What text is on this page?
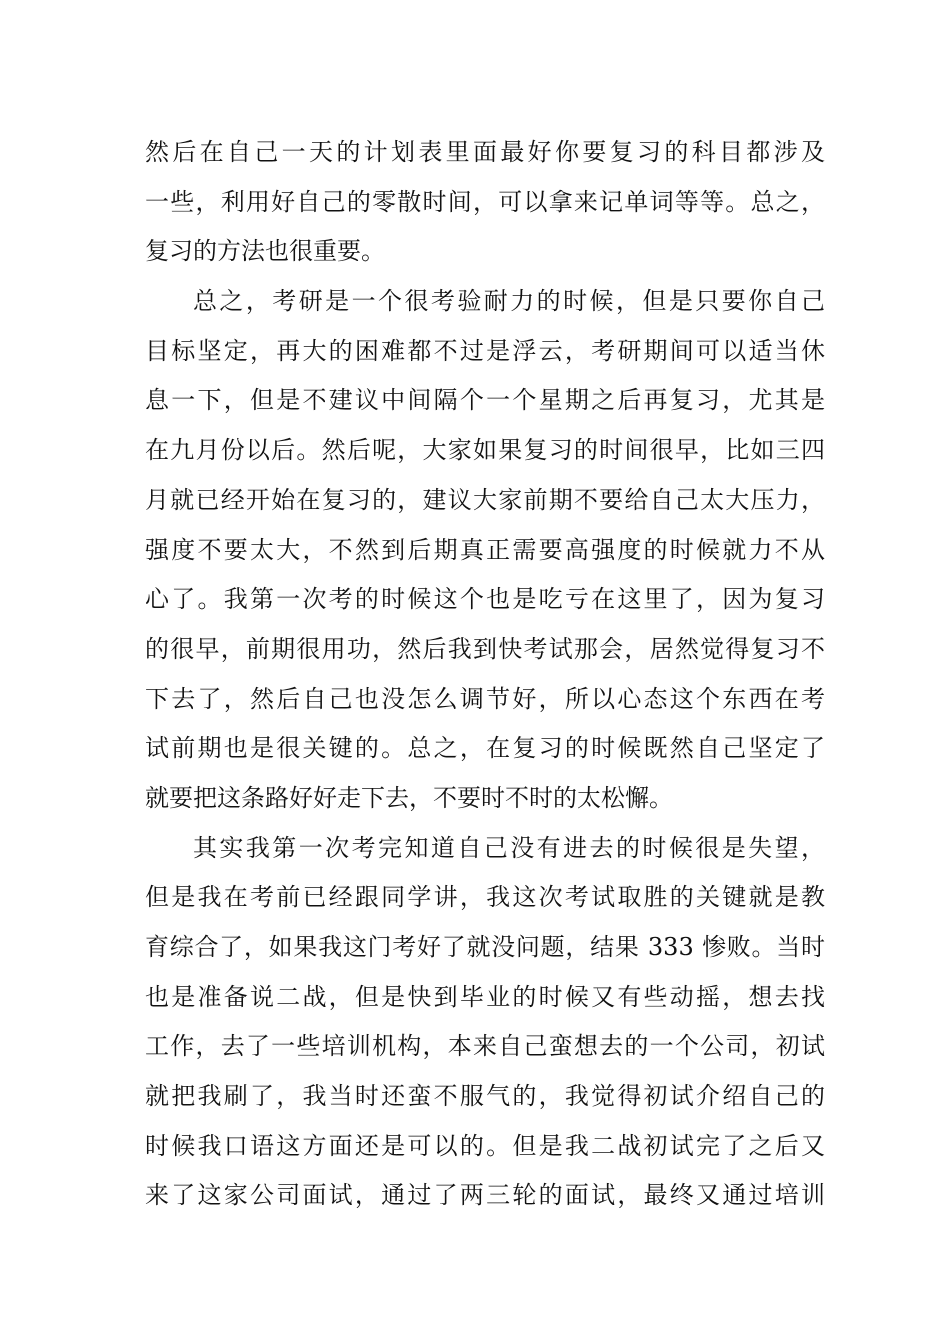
然后在自己一天的计划表里面最好你要复习的科目都涉及
一些，利用好自己的零散时间，可以拿来记单词等等。总之，
复习的方法也很重要。
总之，考研是一个很考验耐力的时候，但是只要你自己
目标坚定，再大的困难都不过是浮云，考研期间可以适当休
息一下，但是不建议中间隔个一个星期之后再复习，尤其是
在九月份以后。然后呢，大家如果复习的时间很早，比如三四
月就已经开始在复习的，建议大家前期不要给自己太大压力，
强度不要太大，不然到后期真正需要高强度的时候就力不从
心了。我第一次考的时候这个也是吃亏在这里了，因为复习
的很早，前期很用功，然后我到快考试那会，居然觉得复习不
下去了，然后自己也没怎么调节好，所以心态这个东西在考
试前期也是很关键的。总之，在复习的时候既然自己坚定了
就要把这条路好好走下去，不要时不时的太松懈。
其实我第一次考完知道自己没有进去的时候很是失望，
但是我在考前已经跟同学讲，我这次考试取胜的关键就是教
育综合了，如果我这门考好了就没问题，结果 333 惨败。当时
也是准备说二战，但是快到毕业的时候又有些动摇，想去找
工作，去了一些培训机构，本来自己蛮想去的一个公司，初试
就把我刷了，我当时还蛮不服气的，我觉得初试介绍自己的
时候我口语这方面还是可以的。但是我二战初试完了之后又
来了这家公司面试，通过了两三轮的面试，最终又通过培训
